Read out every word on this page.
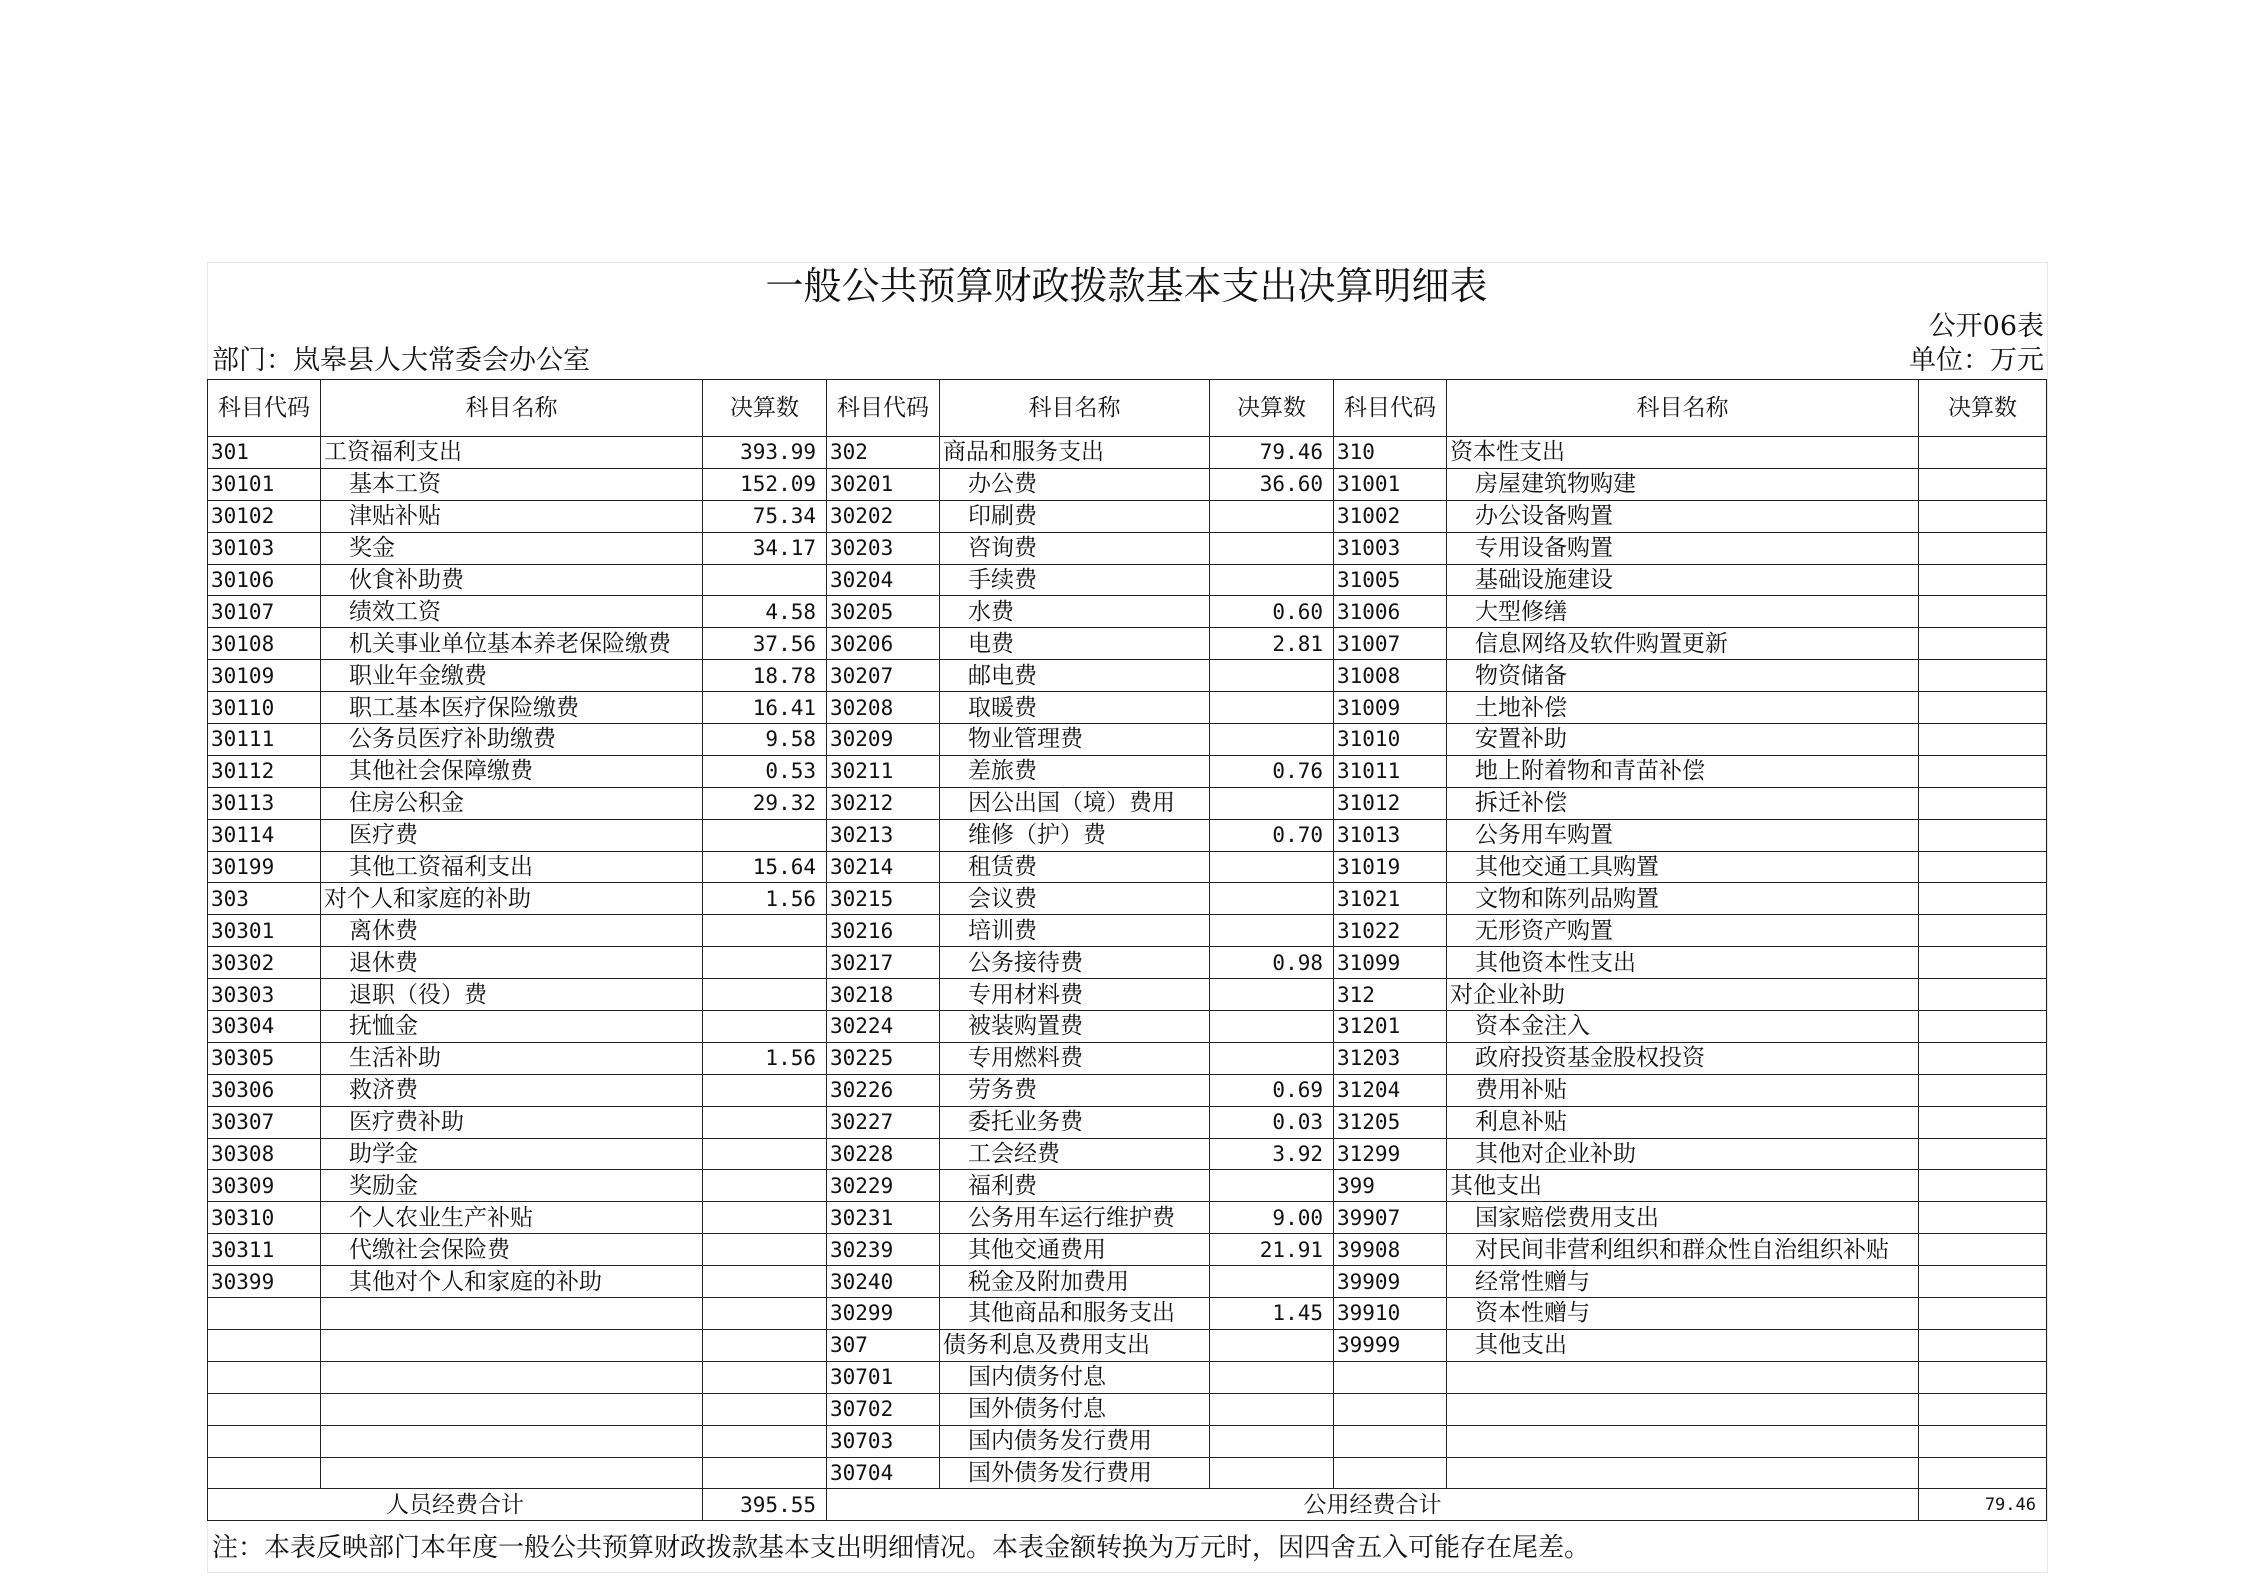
一般公共预算财政拨款基本支出决算明细表
公开06表
部门：岚皋县人大常委会办公室	单位：万元
科目代码	科目名称	决算数	科目代码	科目名称	决算数	科目代码	科目名称	决算数
301	工资福利支出	393.99	302	商品和服务支出	79.46	310	资本性支出	
30101	基本工资	152.09	30201	办公费	36.60	31001	房屋建筑物购建	
30102	津贴补贴	75.34	30202	印刷费		31002	办公设备购置	
30103	奖金	34.17	30203	咨询费		31003	专用设备购置	
30106	伙食补助费		30204	手续费		31005	基础设施建设	
30107	绩效工资	4.58	30205	水费	0.60	31006	大型修缮	
30108	机关事业单位基本养老保险缴费	37.56	30206	电费	2.81	31007	信息网络及软件购置更新	
30109	职业年金缴费	18.78	30207	邮电费		31008	物资储备	
30110	职工基本医疗保险缴费	16.41	30208	取暖费		31009	土地补偿	
30111	公务员医疗补助缴费	9.58	30209	物业管理费		31010	安置补助	
30112	其他社会保障缴费	0.53	30211	差旅费	0.76	31011	地上附着物和青苗补偿	
30113	住房公积金	29.32	30212	因公出国（境）费用		31012	拆迁补偿	
30114	医疗费		30213	维修（护）费	0.70	31013	公务用车购置	
30199	其他工资福利支出	15.64	30214	租赁费		31019	其他交通工具购置	
303	对个人和家庭的补助	1.56	30215	会议费		31021	文物和陈列品购置	
30301	离休费		30216	培训费		31022	无形资产购置	
30302	退休费		30217	公务接待费	0.98	31099	其他资本性支出	
30303	退职（役）费		30218	专用材料费		312	对企业补助	
30304	抚恤金		30224	被装购置费		31201	资本金注入	
30305	生活补助	1.56	30225	专用燃料费		31203	政府投资基金股权投资	
30306	救济费		30226	劳务费	0.69	31204	费用补贴	
30307	医疗费补助		30227	委托业务费	0.03	31205	利息补贴	
30308	助学金		30228	工会经费	3.92	31299	其他对企业补助	
30309	奖励金		30229	福利费		399	其他支出	
30310	个人农业生产补贴		30231	公务用车运行维护费	9.00	39907	国家赔偿费用支出	
30311	代缴社会保险费		30239	其他交通费用	21.91	39908	对民间非营利组织和群众性自治组织补贴	
30399	其他对个人和家庭的补助		30240	税金及附加费用		39909	经常性赠与	
			30299	其他商品和服务支出	1.45	39910	资本性赠与	
			307	债务利息及费用支出		39999	其他支出	
			30701	国内债务付息				
			30702	国外债务付息				
			30703	国内债务发行费用				
			30704	国外债务发行费用				
人员经费合计		395.55	公用经费合计					79.46
注：本表反映部门本年度一般公共预算财政拨款基本支出明细情况。本表金额转换为万元时，因四舍五入可能存在尾差。
